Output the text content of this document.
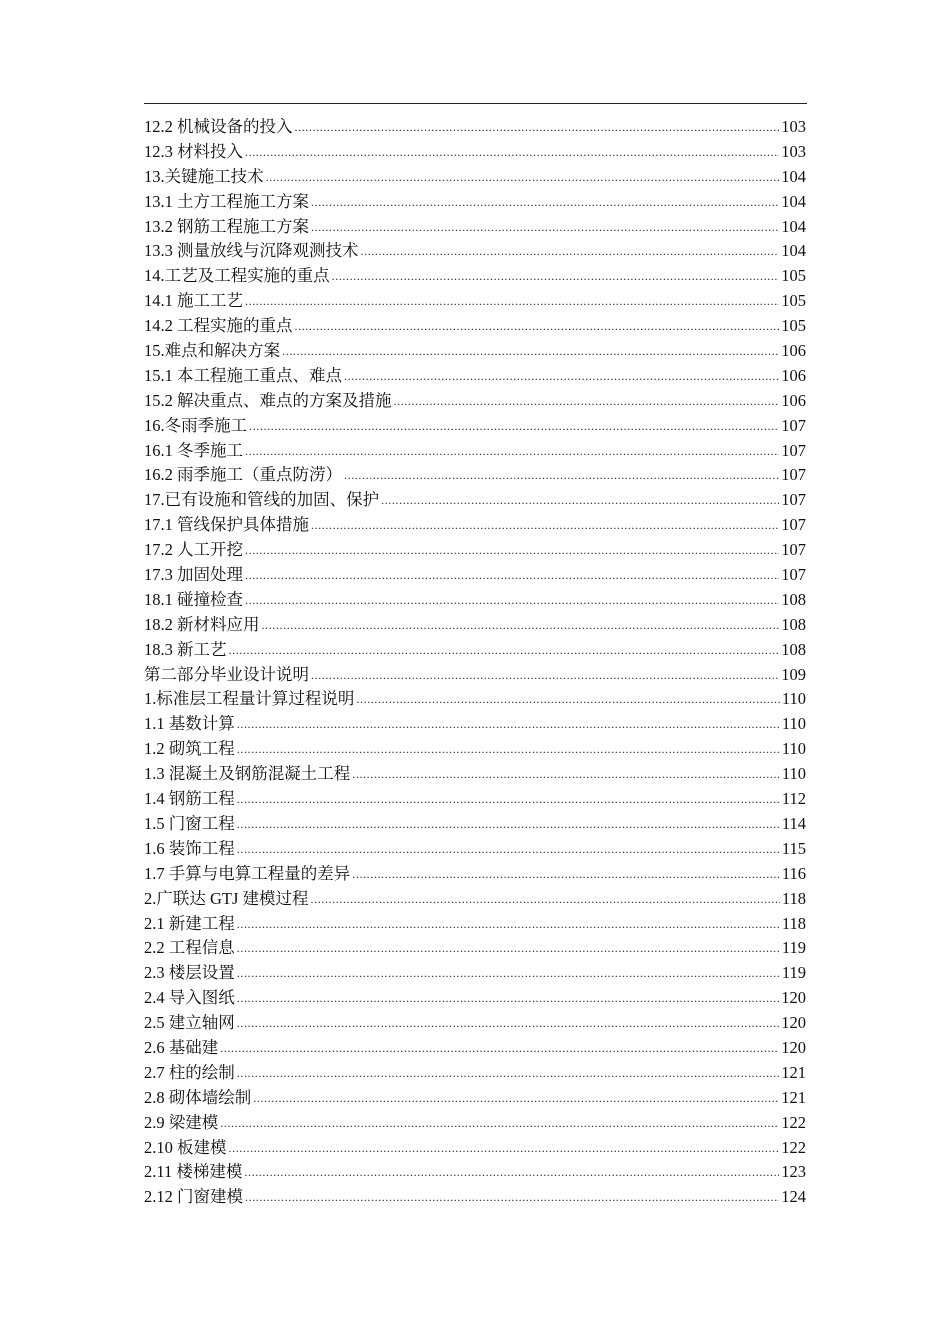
12.2 机械设备的投入 .....	103
12.3 材料投入 .....	103
13.关键施工技术 .....	104
13.1 土方工程施工方案 .....	104
13.2 钢筋工程施工方案 .....	104
13.3 测量放线与沉降观测技术 .....	104
14.工艺及工程实施的重点 .....	105
14.1 施工工艺 .....	105
14.2 工程实施的重点 .....	105
15.难点和解决方案 .....	106
15.1 本工程施工重点、难点 .....	106
15.2 解决重点、难点的方案及措施 .....	106
16.冬雨季施工 .....	107
16.1 冬季施工 .....	107
16.2 雨季施工（重点防涝） .....	107
17.已有设施和管线的加固、保护 .....	107
17.1 管线保护具体措施 .....	107
17.2 人工开挖 .....	107
17.3 加固处理 .....	107
18.1 碰撞检查 .....	108
18.2 新材料应用 .....	108
18.3 新工艺 .....	108
第二部分毕业设计说明 .....	109
1.标准层工程量计算过程说明 .....	110
1.1 基数计算 .....	110
1.2 砌筑工程 .....	110
1.3 混凝土及钢筋混凝土工程 .....	110
1.4 钢筋工程 .....	112
1.5 门窗工程 .....	114
1.6 装饰工程 .....	115
1.7 手算与电算工程量的差异 .....	116
2.广联达 GTJ 建模过程 .....	118
2.1 新建工程 .....	118
2.2 工程信息 .....	119
2.3 楼层设置 .....	119
2.4 导入图纸 .....	120
2.5 建立轴网 .....	120
2.6 基础建 .....	120
2.7 柱的绘制 .....	121
2.8 砌体墙绘制 .....	121
2.9 梁建模 .....	122
2.10 板建模 .....	122
2.11 楼梯建模 .....	123
2.12 门窗建模 .....	124
